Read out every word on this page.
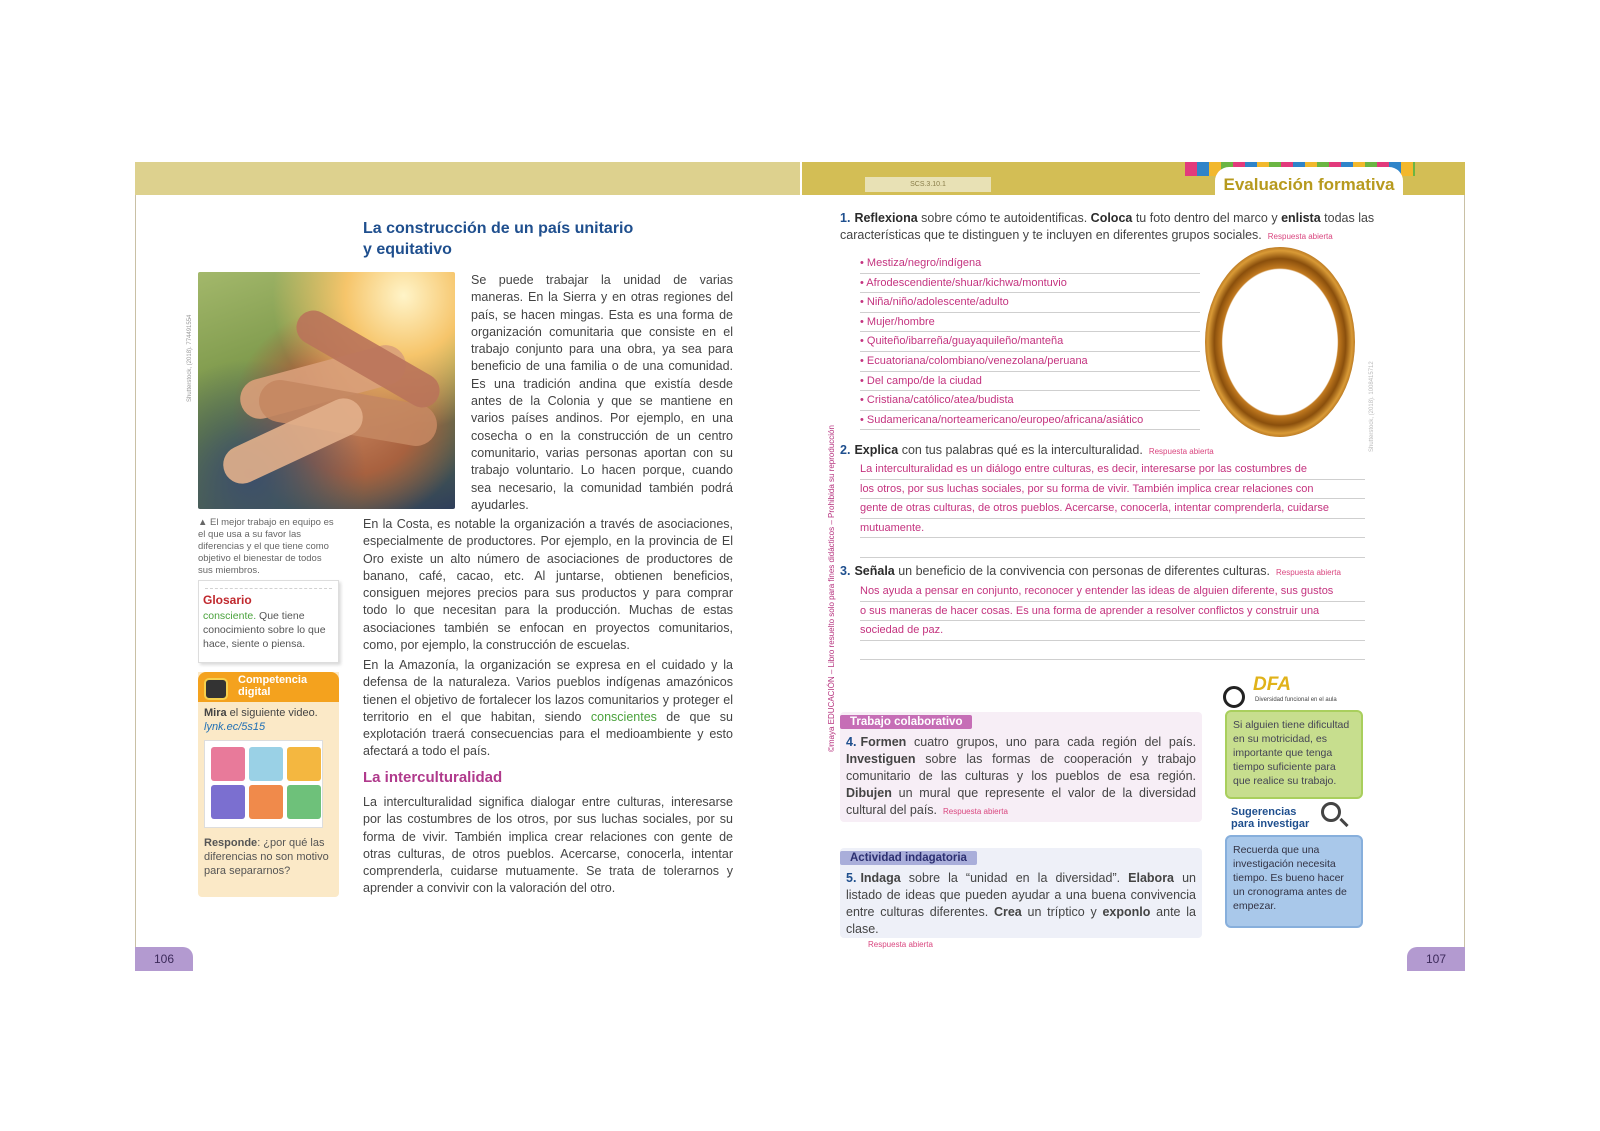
SCS.3.10.1	Evaluación formativa
La construcción de un país unitario
y equitativo
Shutterstock, (2018). 774491554
▲ El mejor trabajo en equipo es el que usa a su favor las diferencias y el que tiene como objetivo el bienestar de todos sus miembros.
Se puede trabajar la unidad de varias maneras. En la Sierra y en otras regiones del país, se hacen mingas. Esta es una forma de organización comunitaria que consiste en el trabajo conjunto para una obra, ya sea para beneficio de una familia o de una comunidad. Es una tradición andina que existía desde antes de la Colonia y que se mantiene en varios países andinos. Por ejemplo, en una cosecha o en la construcción de un centro comunitario, varias personas aportan con su trabajo voluntario. Lo hacen porque, cuando sea necesario, la comunidad también podrá ayudarles.
En la Costa, es notable la organización a través de asociaciones, especialmente de productores. Por ejemplo, en la provincia de El Oro existe un alto número de asociaciones de productores de banano, café, cacao, etc. Al juntarse, obtienen beneficios, consiguen mejores precios para sus productos y para comprar todo lo que necesitan para la producción. Muchas de estas asociaciones también se enfocan en proyectos comunitarios, como, por ejemplo, la construcción de escuelas.
En la Amazonía, la organización se expresa en el cuidado y la defensa de la naturaleza. Varios pueblos indígenas amazónicos tienen el objetivo de fortalecer los lazos comunitarios y proteger el territorio en el que habitan, siendo conscientes de que su explotación traerá consecuencias para el medioambiente y esto afectará a todo el país.
Glosario

consciente. Que tiene conocimiento sobre lo que hace, siente o piensa.

Competencia
digital
Mira el siguiente video.
lynk.ec/5s15
Responde: ¿por qué las diferencias no son motivo para separarnos?
La interculturalidad
La interculturalidad significa dialogar entre culturas, interesarse por las costumbres de los otros, por sus luchas sociales, por su forma de vivir. También implica crear relaciones con gente de otras culturas, de otros pueblos. Acercarse, conocerla, intentar comprenderla, cuidarse mutuamente. Se trata de tolerarnos y aprender a convivir con la valoración del otro.
106
©maya EDUCACIÓN – Libro resuelto solo para fines didácticos – Prohibida su reproducción
1. Reflexiona sobre cómo te autoidentificas. Coloca tu foto dentro del marco y enlista todas las características que te distinguen y te incluyen en diferentes grupos sociales. Respuesta abierta
• Mestiza/negro/indígena
• Afrodescendiente/shuar/kichwa/montuvio
• Niña/niño/adolescente/adulto
• Mujer/hombre
• Quiteño/ibarreña/guayaquileño/manteña
• Ecuatoriana/colombiano/venezolana/peruana
• Del campo/de la ciudad
• Cristiana/católico/atea/budista
• Sudamericana/norteamericano/europeo/africana/asiático	Shutterstock, (2018). 1008415712
2. Explica con tus palabras qué es la interculturalidad. Respuesta abierta
La interculturalidad es un diálogo entre culturas, es decir, interesarse por las costumbres de
los otros, por sus luchas sociales, por su forma de vivir. También implica crear relaciones con
gente de otras culturas, de otros pueblos. Acercarse, conocerla, intentar comprenderla, cuidarse
mutuamente.
3. Señala un beneficio de la convivencia con personas de diferentes culturas. Respuesta abierta
Nos ayuda a pensar en conjunto, reconocer y entender las ideas de alguien diferente, sus gustos
o sus maneras de hacer cosas. Es una forma de aprender a resolver conflictos y construir una
sociedad de paz.
Trabajo colaborativo
4. Formen cuatro grupos, uno para cada región del país. Investiguen sobre las formas de cooperación y trabajo comunitario de las culturas y los pueblos de esa región. Dibujen un mural que represente el valor de la diversidad cultural del país. Respuesta abierta
Actividad indagatoria
5. Indaga sobre la “unidad en la diversidad”. Elabora un listado de ideas que pueden ayudar a una buena convivencia entre culturas diferentes. Crea un tríptico y exponlo ante la clase.
Respuesta abierta
DFA
Diversidad funcional en el aula
Si alguien tiene dificultad en su motricidad, es importante que tenga tiempo suficiente para que realice su trabajo.
Sugerencias
para investigar
Recuerda que una investigación necesita tiempo. Es bueno hacer un cronograma antes de empezar.
107
